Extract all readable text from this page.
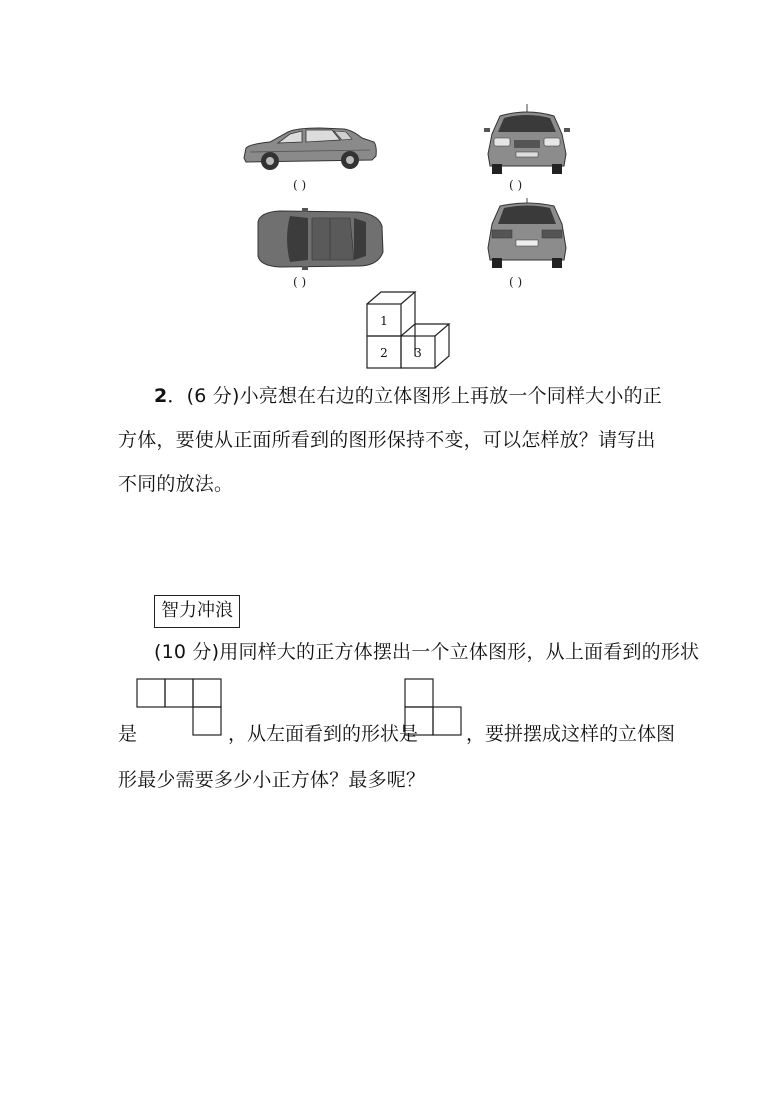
( )	( )
( )	( )
1
2 3
2．(6 分)小亮想在右边的立体图形上再放一个同样大小的正方体，要使从正面所看到的图形保持不变，可以怎样放？请写出不同的放法。
智力冲浪
(10 分)用同样大的正方体摆出一个立体图形，从上面看到的形状
是	，从左面看到的形状是	，要拼摆成这样的立体图
形最少需要多少小正方体？最多呢？
